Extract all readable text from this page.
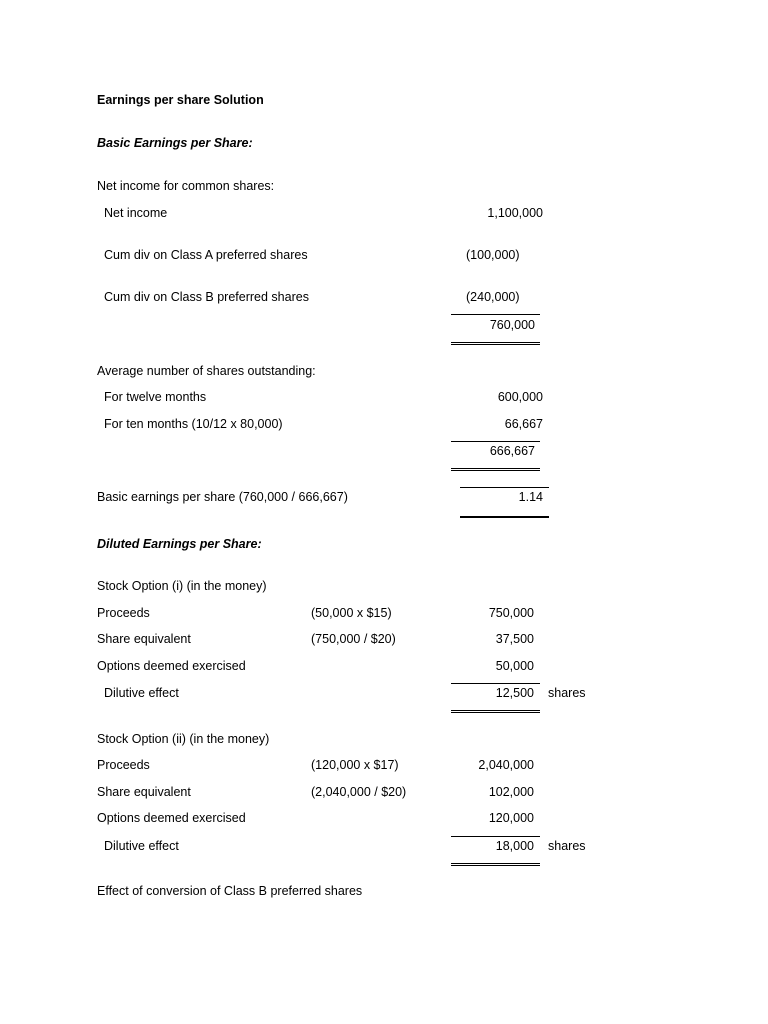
Earnings per share Solution
Basic Earnings per Share:
Net income for common shares:
Net income	1,100,000
Cum div on Class A preferred shares	(100,000)
Cum div on Class B preferred shares	(240,000)
760,000
Average number of shares outstanding:
For twelve months	600,000
For ten months (10/12 x 80,000)	66,667
666,667
Basic earnings per share (760,000 / 666,667)	1.14
Diluted Earnings per Share:
Stock Option (i) (in the money)
Proceeds	(50,000 x $15)	750,000
Share equivalent	(750,000 / $20)	37,500
Options deemed exercised	50,000
Dilutive effect	12,500 shares
Stock Option (ii) (in the money)
Proceeds	(120,000 x $17)	2,040,000
Share equivalent	(2,040,000 / $20)	102,000
Options deemed exercised	120,000
Dilutive effect	18,000 shares
Effect of conversion of Class B preferred shares
